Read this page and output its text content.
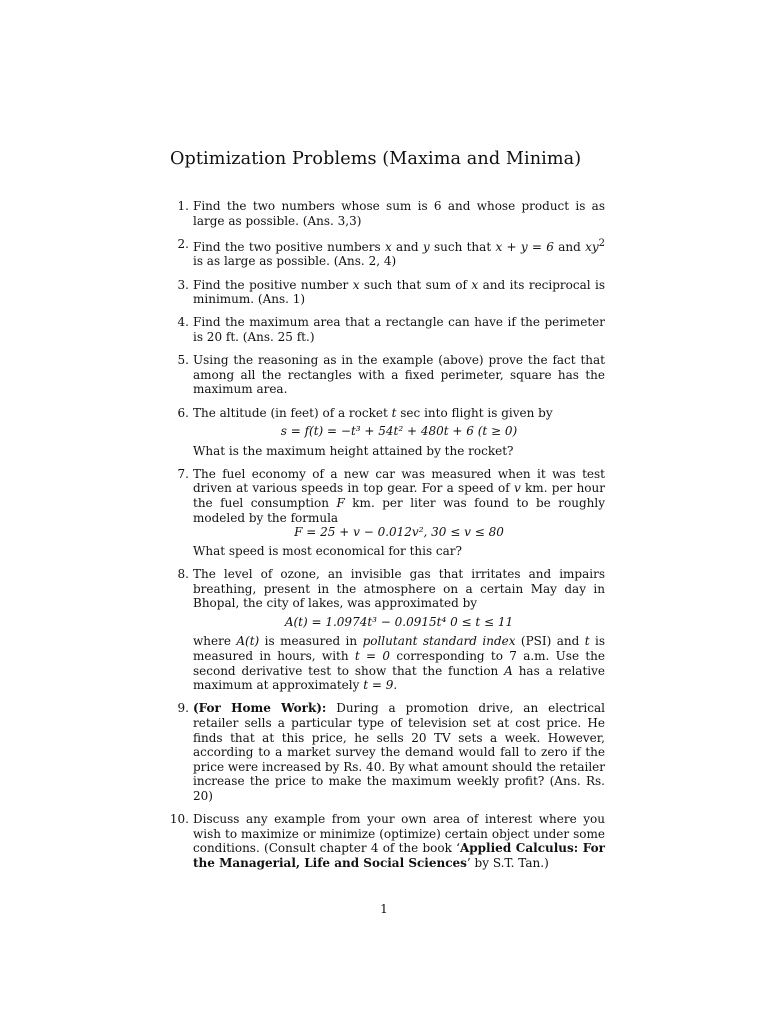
Optimization Problems (Maxima and Minima)
1. Find the two numbers whose sum is 6 and whose product is as large as possible. (Ans. 3,3)
2. Find the two positive numbers x and y such that x + y = 6 and $xy^2$ is as large as possible. (Ans. 2, 4)
3. Find the positive number x such that sum of x and its reciprocal is minimum. (Ans. 1)
4. Find the maximum area that a rectangle can have if the perimeter is 20 ft. (Ans. 25 ft.)
5. Using the reasoning as in the example (above) prove the fact that among all the rectangles with a fixed perimeter, square has the maximum area.
6. The altitude (in feet) of a rocket t sec into flight is given by
s = f(t) = −t³ + 54t² + 480t + 6 (t ≥ 0)

What is the maximum height attained by the rocket?

7. The fuel economy of a new car was measured when it was test driven at various speeds in top gear. For a speed of v km. per hour the fuel consumption F km. per liter was found to be roughly modeled by the formula
F = 25 + v − 0.012v², 30 ≤ v ≤ 80

What speed is most economical for this car?

8. The level of ozone, an invisible gas that irritates and impairs breathing, present in the atmosphere on a certain May day in Bhopal, the city of lakes, was approximated by
A(t) = 1.0974t³ − 0.0915t⁴ 0 ≤ t ≤ 11

where A(t) is measured in pollutant standard index (PSI) and t is measured in hours, with t = 0 corresponding to 7 a.m. Use the second derivative test to show that the function A has a relative maximum at approximately t = 9.

9. (For Home Work): During a promotion drive, an electrical retailer sells a particular type of television set at cost price. He finds that at this price, he sells 20 TV sets a week. However, according to a market survey the demand would fall to zero if the price were increased by Rs. 40. By what amount should the retailer increase the price to make the maximum weekly profit? (Ans. Rs. 20)
10. Discuss any example from your own area of interest where you wish to maximize or minimize (optimize) certain object under some conditions. (Consult chapter 4 of the book ‘Applied Calculus: For the Managerial, Life and Social Sciences’ by S.T. Tan.)
1
